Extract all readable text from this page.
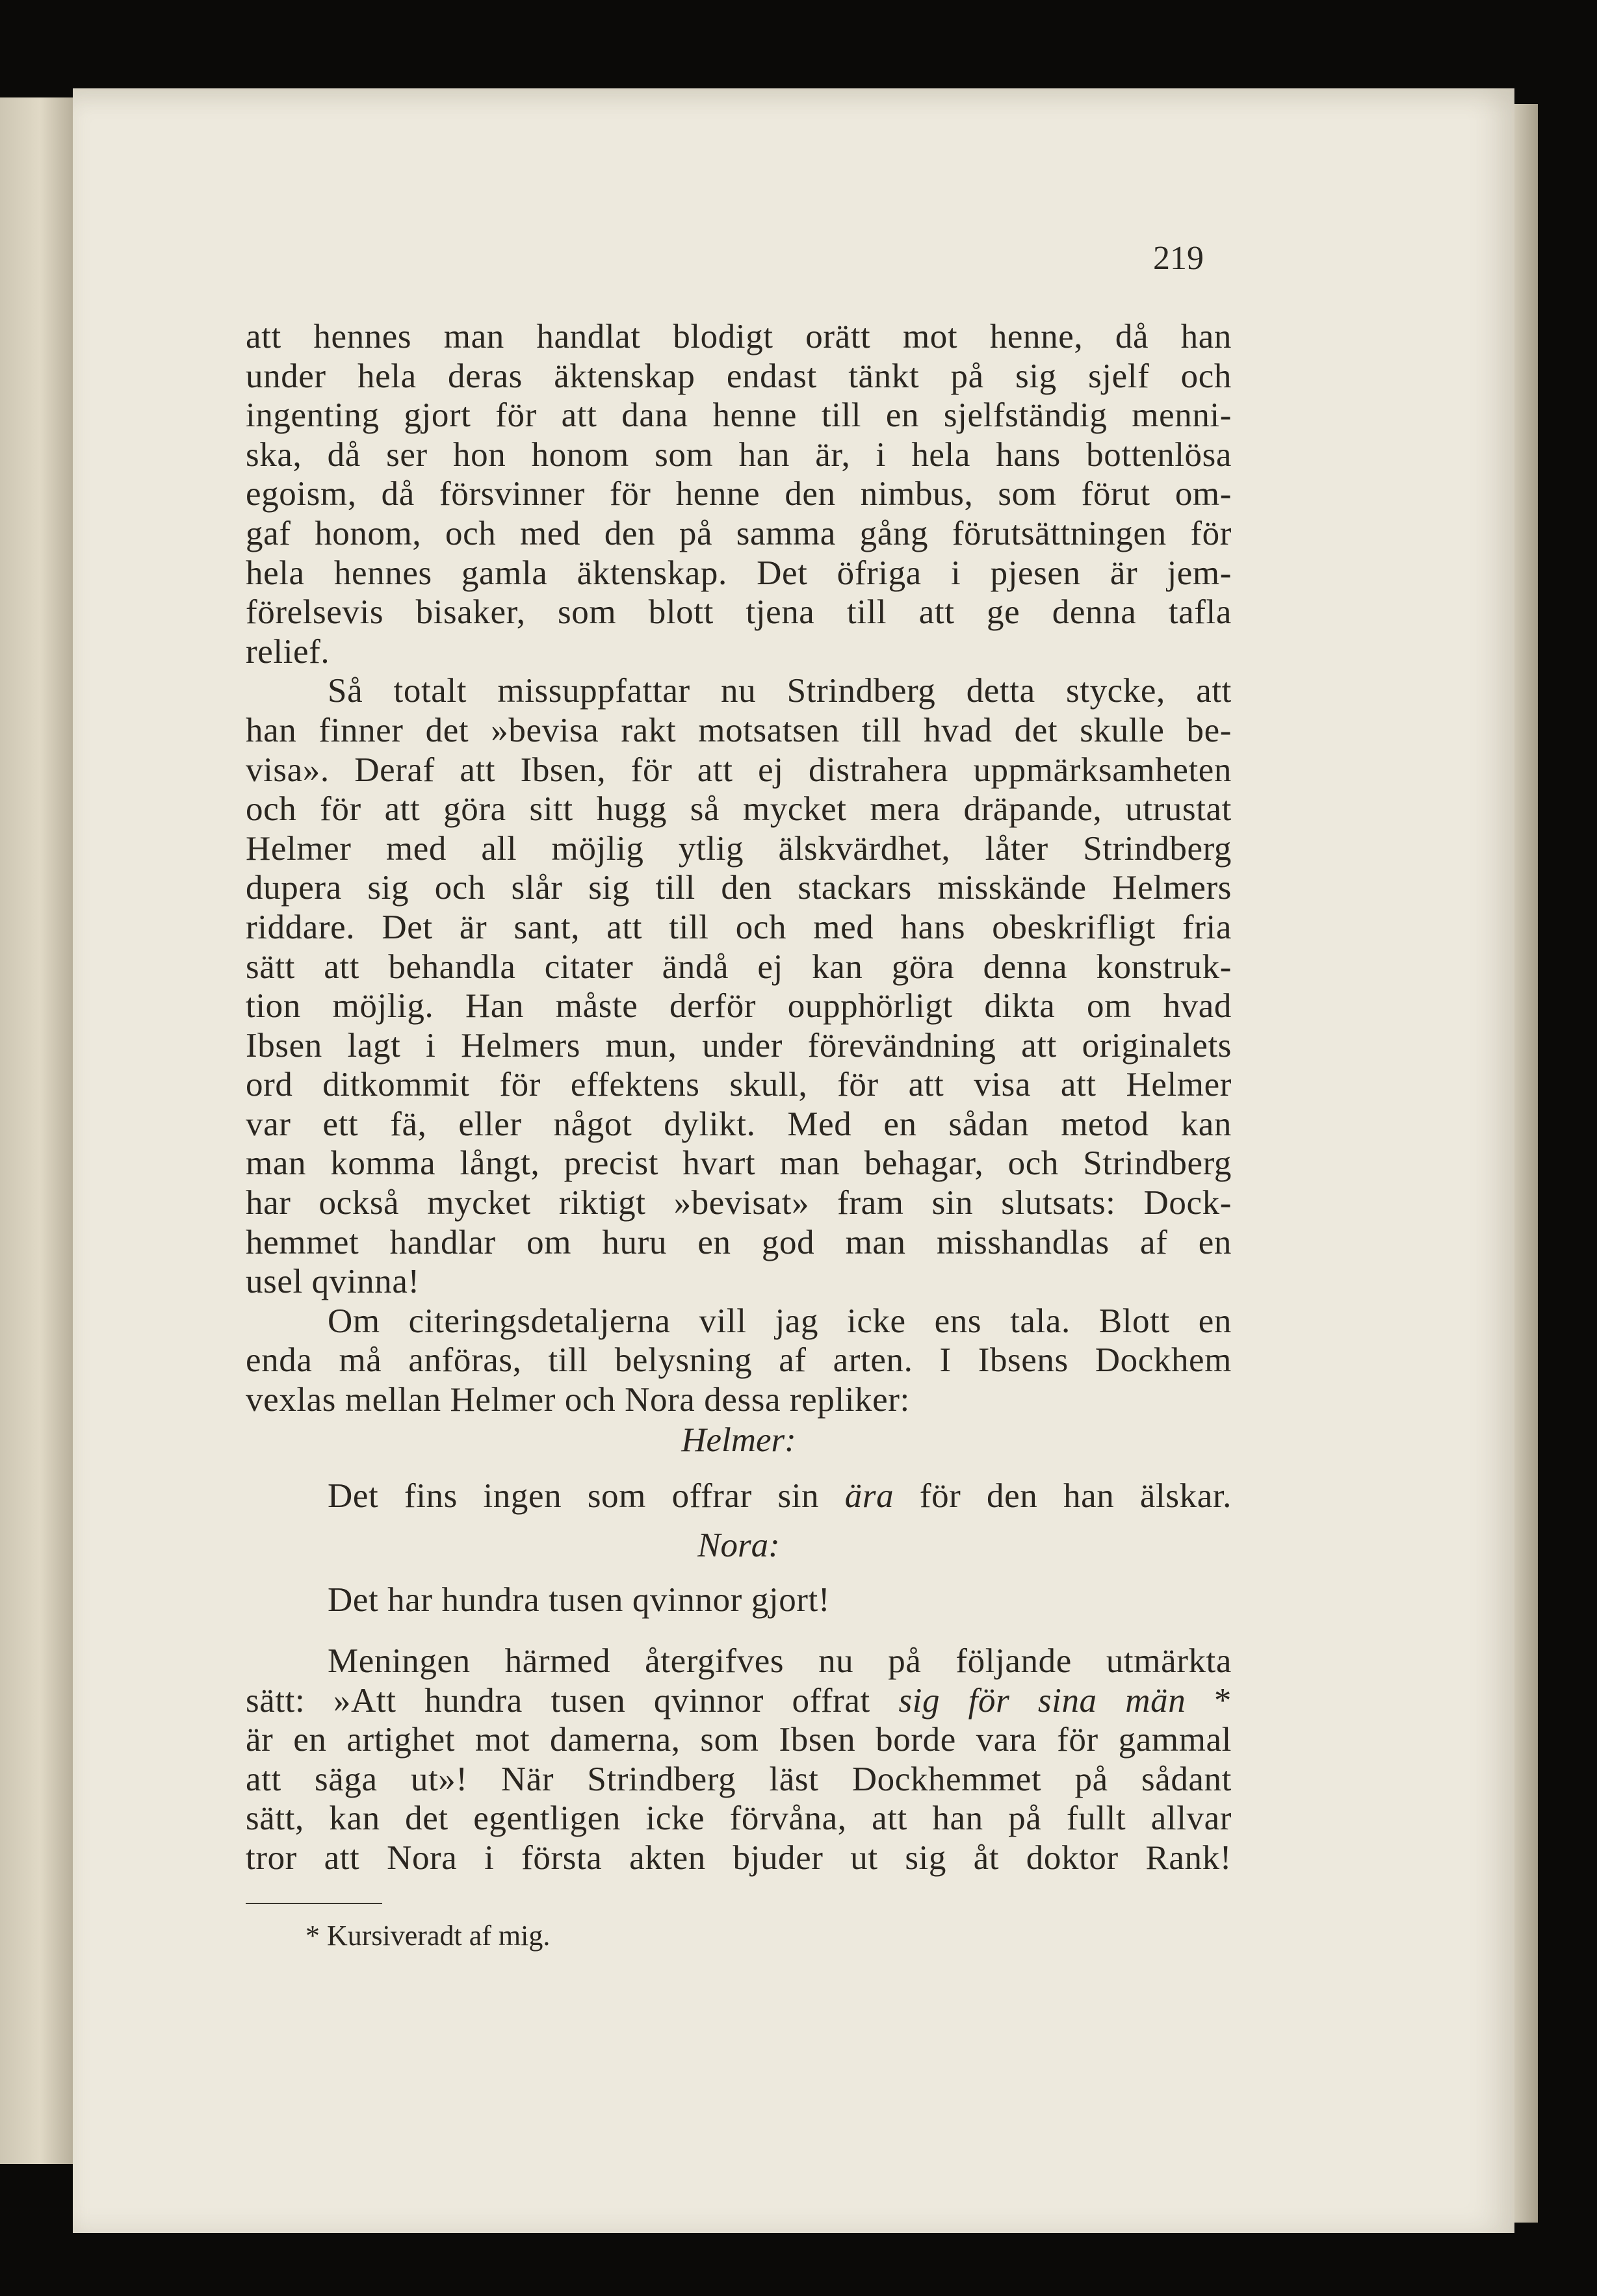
219
att hennes man handlat blodigt orätt mot henne, då han
under hela deras äktenskap endast tänkt på sig sjelf och
ingenting gjort för att dana henne till en sjelfständig menni-
ska, då ser hon honom som han är, i hela hans bottenlösa
egoism, då försvinner för henne den nimbus, som förut om-
gaf honom, och med den på samma gång förutsättningen för
hela hennes gamla äktenskap. Det öfriga i pjesen är jem-
förelsevis bisaker, som blott tjena till att ge denna tafla
relief.
Så totalt missuppfattar nu Strindberg detta stycke, att
han finner det »bevisa rakt motsatsen till hvad det skulle be-
visa». Deraf att Ibsen, för att ej distrahera uppmärksamheten
och för att göra sitt hugg så mycket mera dräpande, utrustat
Helmer med all möjlig ytlig älskvärdhet, låter Strindberg
dupera sig och slår sig till den stackars misskände Helmers
riddare. Det är sant, att till och med hans obeskrifligt fria
sätt att behandla citater ändå ej kan göra denna konstruk-
tion möjlig. Han måste derför oupphörligt dikta om hvad
Ibsen lagt i Helmers mun, under förevändning att originalets
ord ditkommit för effektens skull, för att visa att Helmer
var ett fä, eller något dylikt. Med en sådan metod kan
man komma långt, precist hvart man behagar, och Strindberg
har också mycket riktigt »bevisat» fram sin slutsats: Dock-
hemmet handlar om huru en god man misshandlas af en
usel qvinna!
Om citeringsdetaljerna vill jag icke ens tala. Blott en
enda må anföras, till belysning af arten. I Ibsens Dockhem
vexlas mellan Helmer och Nora dessa repliker:
Helmer:
Det fins ingen som offrar sin ära för den han älskar.
Nora:
Det har hundra tusen qvinnor gjort!
Meningen härmed återgifves nu på följande utmärkta
sätt: »Att hundra tusen qvinnor offrat sig för sina män *
är en artighet mot damerna, som Ibsen borde vara för gammal
att säga ut»! När Strindberg läst Dockhemmet på sådant
sätt, kan det egentligen icke förvåna, att han på fullt allvar
tror att Nora i första akten bjuder ut sig åt doktor Rank!
* Kursiveradt af mig.
